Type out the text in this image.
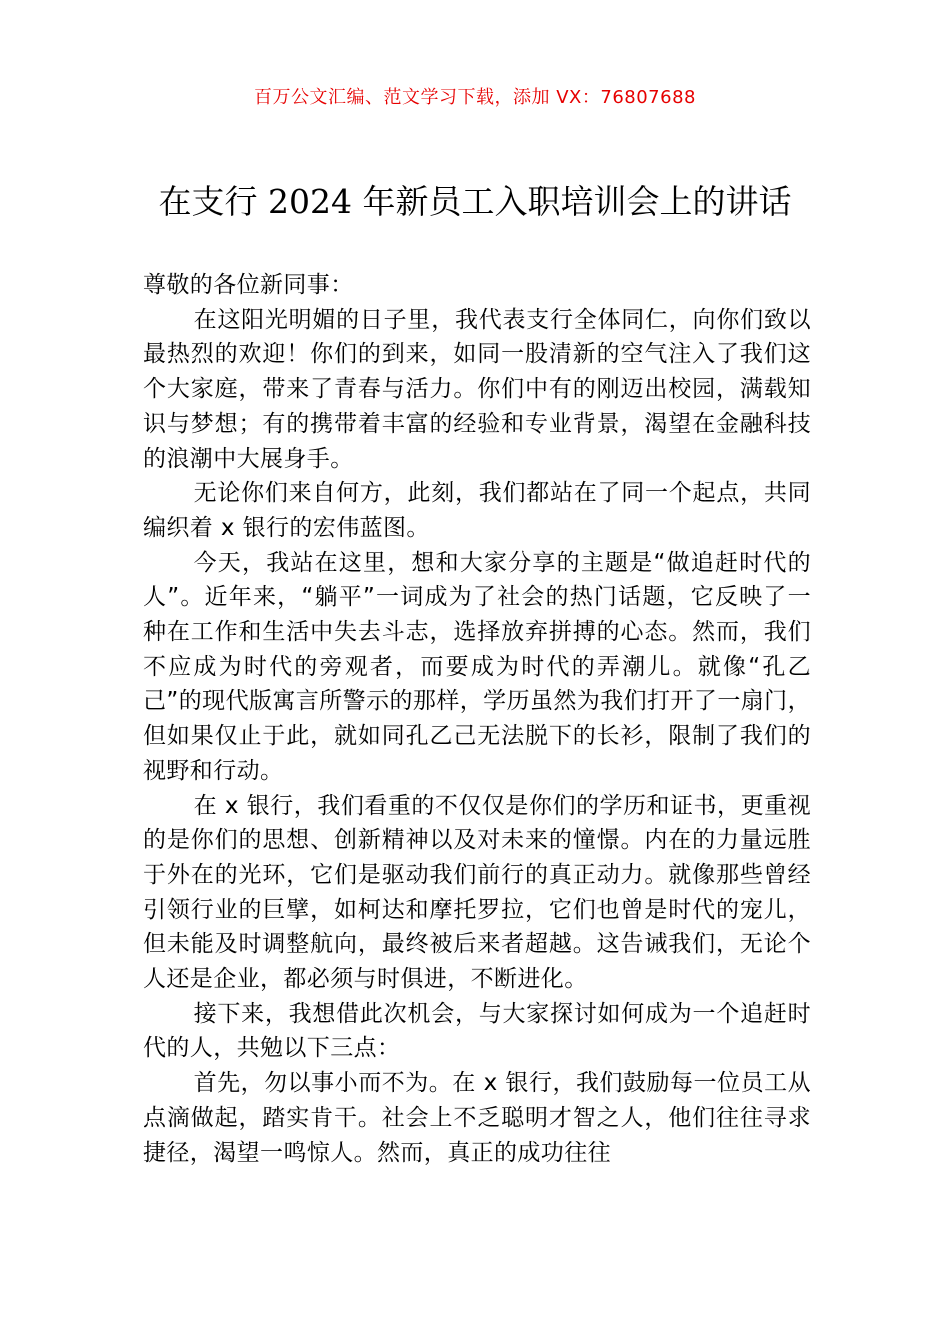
百万公文汇编、范文学习下载，添加 VX：76807688
在支行 2024 年新员工入职培训会上的讲话

尊敬的各位新同事：

在这阳光明媚的日子里，我代表支行全体同仁，向你们致以最热烈的欢迎！你们的到来，如同一股清新的空气注入了我们这个大家庭，带来了青春与活力。你们中有的刚迈出校园，满载知识与梦想；有的携带着丰富的经验和专业背景，渴望在金融科技的浪潮中大展身手。

无论你们来自何方，此刻，我们都站在了同一个起点，共同编织着 x 银行的宏伟蓝图。

今天，我站在这里，想和大家分享的主题是“做追赶时代的人”。近年来，“躺平”一词成为了社会的热门话题，它反映了一种在工作和生活中失去斗志，选择放弃拼搏的心态。然而，我们不应成为时代的旁观者，而要成为时代的弄潮儿。就像“孔乙己”的现代版寓言所警示的那样，学历虽然为我们打开了一扇门，但如果仅止于此，就如同孔乙己无法脱下的长衫，限制了我们的视野和行动。

在 x 银行，我们看重的不仅仅是你们的学历和证书，更重视的是你们的思想、创新精神以及对未来的憧憬。内在的力量远胜于外在的光环，它们是驱动我们前行的真正动力。就像那些曾经引领行业的巨擘，如柯达和摩托罗拉，它们也曾是时代的宠儿，但未能及时调整航向，最终被后来者超越。这告诫我们，无论个人还是企业，都必须与时俱进，不断进化。

接下来，我想借此次机会，与大家探讨如何成为一个追赶时代的人，共勉以下三点：

首先，勿以事小而不为。在 x 银行，我们鼓励每一位员工从点滴做起，踏实肯干。社会上不乏聪明才智之人，他们往往寻求捷径，渴望一鸣惊人。然而，真正的成功往往
